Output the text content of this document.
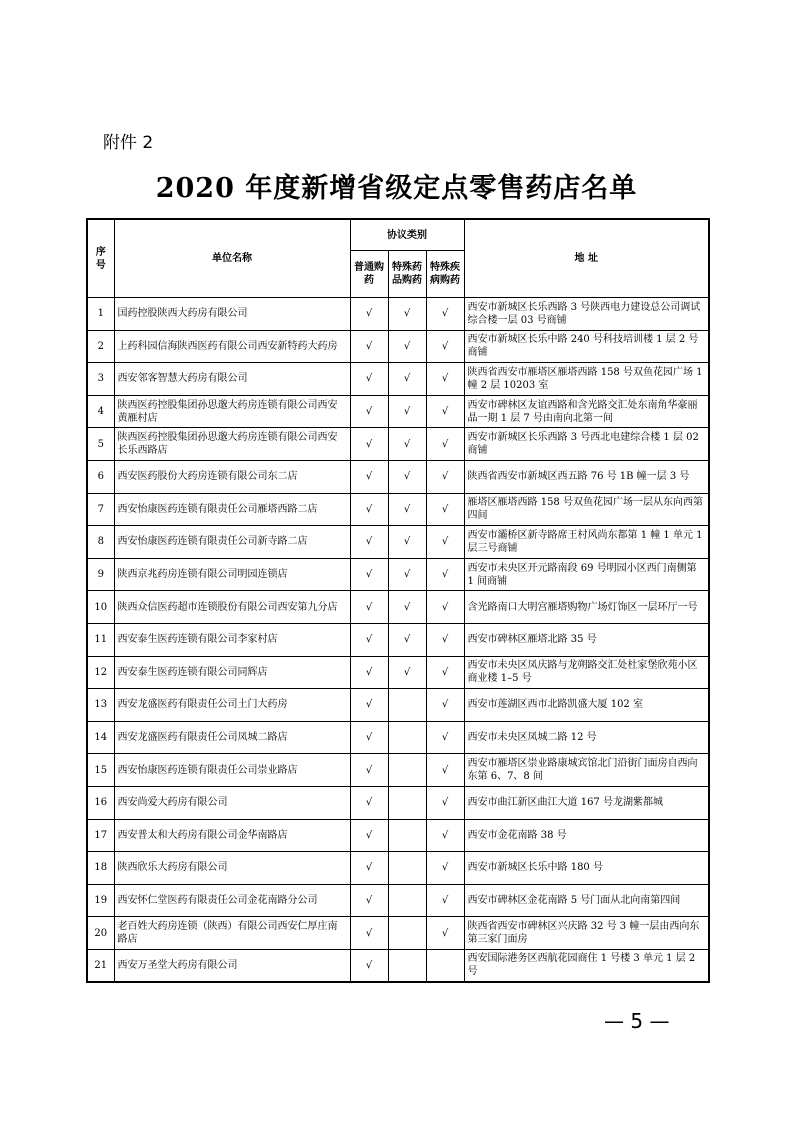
附件 2
2020 年度新增省级定点零售药店名单
序号	单位名称	协议类别			地 址
		普通购药	特殊药品购药	特殊疾病购药	
1	国药控股陕西大药房有限公司	√	√	√	西安市新城区长乐西路 3 号陕西电力建设总公司调试综合楼一层 03 号商铺
2	上药科园信海陕西医药有限公司西安新特药大药房	√	√	√	西安市新城区长乐中路 240 号科技培训楼 1 层 2 号商铺
3	西安邻客智慧大药房有限公司	√	√	√	陕西省西安市雁塔区雁塔西路 158 号双鱼花园广场 1 幢 2 层 10203 室
4	陕西医药控股集团孙思邈大药房连锁有限公司西安黄雁村店	√	√	√	西安市碑林区友谊西路和含光路交汇处东南角华豪丽晶一期 1 层 7 号由南向北第一间
5	陕西医药控股集团孙思邈大药房连锁有限公司西安长乐西路店	√	√	√	西安市新城区长乐西路 3 号西北电建综合楼 1 层 02 商铺
6	西安医药股份大药房连锁有限公司东二店	√	√	√	陕西省西安市新城区西五路 76 号 1B 幢一层 3 号
7	西安怡康医药连锁有限责任公司雁塔西路二店	√	√	√	雁塔区雁塔西路 158 号双鱼花园广场一层从东向西第四间
8	西安怡康医药连锁有限责任公司新寺路二店	√	√	√	西安市灞桥区新寺路席王村风尚东都第 1 幢 1 单元 1 层三号商铺
9	陕西京兆药房连锁有限公司明园连锁店	√	√	√	西安市未央区开元路南段 69 号明园小区西门南侧第 1 间商铺
10	陕西众信医药超市连锁股份有限公司西安第九分店	√	√	√	含光路南口大明宫雁塔购物广场灯饰区一层环厅一号
11	西安泰生医药连锁有限公司李家村店	√	√	√	西安市碑林区雁塔北路 35 号
12	西安泰生医药连锁有限公司同辉店	√	√	√	西安市未央区凤庆路与龙朔路交汇处杜家堡欣苑小区商业楼 1–5 号
13	西安龙盛医药有限责任公司土门大药房	√		√	西安市莲湖区西市北路凯盛大厦 102 室
14	西安龙盛医药有限责任公司凤城二路店	√		√	西安市未央区凤城二路 12 号
15	西安怡康医药连锁有限责任公司崇业路店	√		√	西安市雁塔区崇业路康城宾馆北门沿街门面房自西向东第 6、7、8 间
16	西安尚爱大药房有限公司	√		√	西安市曲江新区曲江大道 167 号龙湖紫都城
17	西安普太和大药房有限公司金华南路店	√		√	西安市金花南路 38 号
18	陕西欣乐大药房有限公司	√		√	西安市新城区长乐中路 180 号
19	西安怀仁堂医药有限责任公司金花南路分公司	√		√	西安市碑林区金花南路 5 号门面从北向南第四间
20	老百姓大药房连锁（陕西）有限公司西安仁厚庄南路店	√		√	陕西省西安市碑林区兴庆路 32 号 3 幢一层由西向东第三家门面房
21	西安万圣堂大药房有限公司	√			西安国际港务区西航花园商住 1 号楼 3 单元 1 层 2 号
— 5 —
